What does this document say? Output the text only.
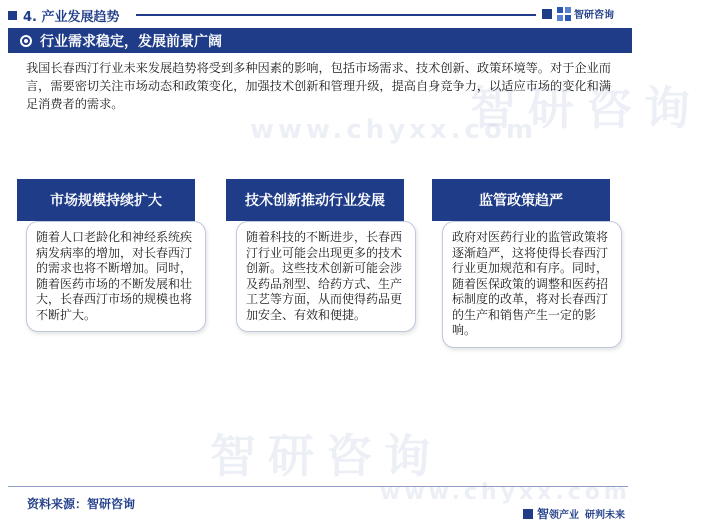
智研咨询
www.chyxx.com
智研咨询
www.chyxx.com
4. 产业发展趋势	智研咨询
行业需求稳定，发展前景广阔
我国长春西汀行业未来发展趋势将受到多种因素的影响，包括市场需求、技术创新、政策环境等。对于企业而言，需要密切关注市场动态和政策变化，加强技术创新和管理升级，提高自身竞争力，以适应市场的变化和满足消费者的需求。
市场规模持续扩大
随着人口老龄化和神经系统疾病发病率的增加，对长春西汀的需求也将不断增加。同时，随着医药市场的不断发展和壮大，长春西汀市场的规模也将不断扩大。
技术创新推动行业发展
随着科技的不断进步，长春西汀行业可能会出现更多的技术创新。这些技术创新可能会涉及药品剂型、给药方式、生产工艺等方面，从而使得药品更加安全、有效和便捷。
监管政策趋严
政府对医药行业的监管政策将逐渐趋严，这将使得长春西汀行业更加规范和有序。同时，随着医保政策的调整和医药招标制度的改革，将对长春西汀的生产和销售产生一定的影响。
资料来源：智研咨询
智 领产业 研判未来
